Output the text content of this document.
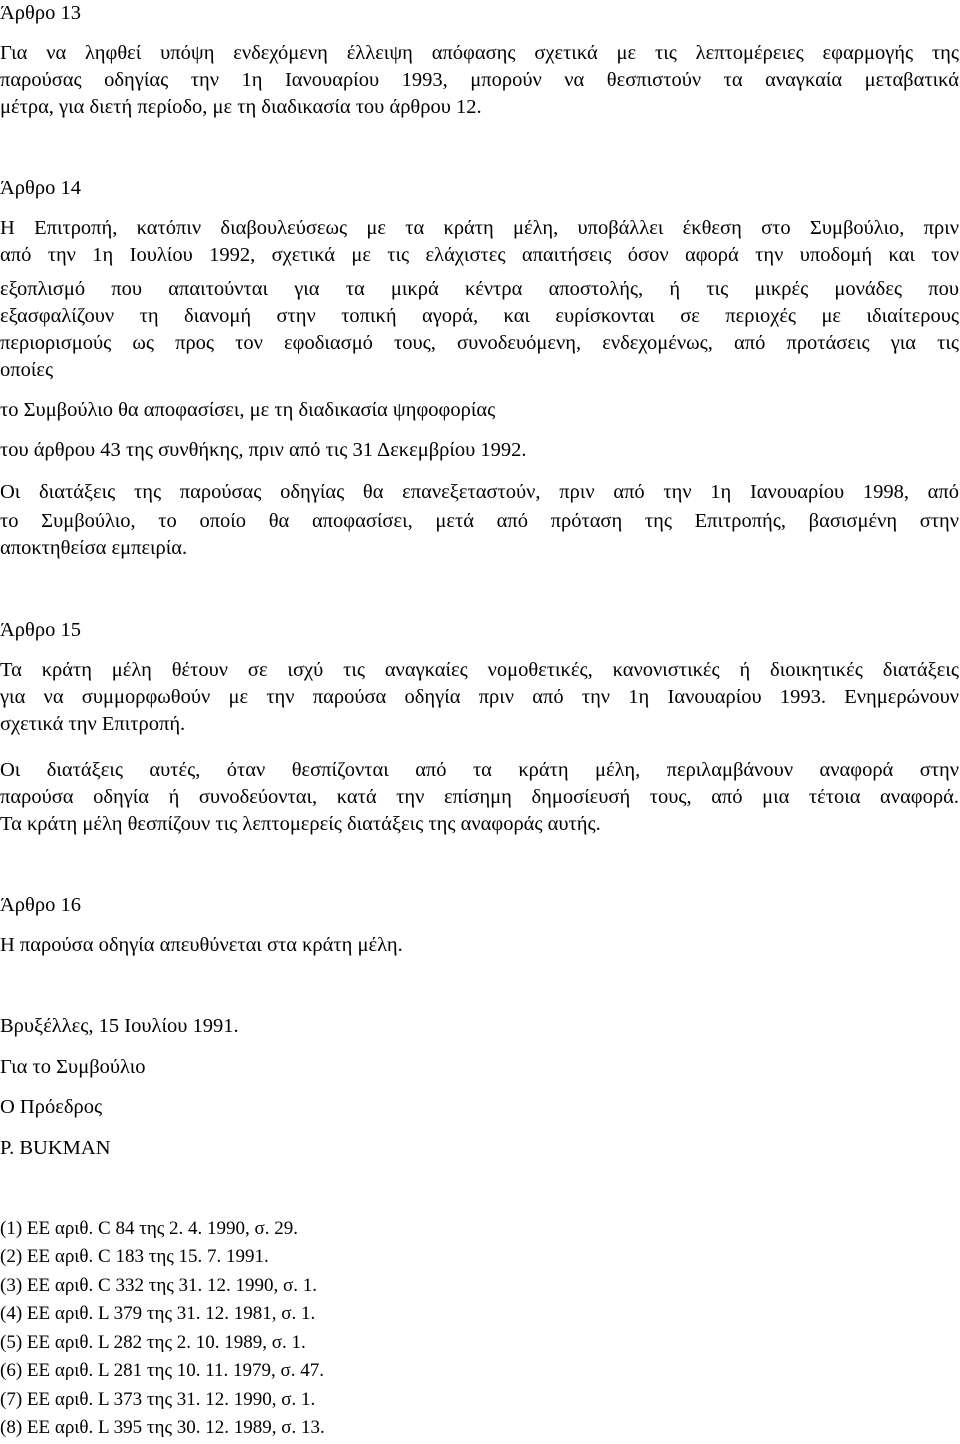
Άρθρο 13
Για να ληφθεί υπόψη ενδεχόμενη έλλειψη απόφασης σχετικά με τις λεπτομέρειες εφαρμογής της
παρούσας οδηγίας την 1η Ιανουαρίου 1993, μπορούν να θεσπιστούν τα αναγκαία μεταβατικά
μέτρα, για διετή περίοδο, με τη διαδικασία του άρθρου 12.
Άρθρο 14
Η Επιτροπή, κατόπιν διαβουλεύσεως με τα κράτη μέλη, υποβάλλει έκθεση στο Συμβούλιο, πριν
από την 1η Ιουλίου 1992, σχετικά με τις ελάχιστες απαιτήσεις όσον αφορά την υποδομή και τον
εξοπλισμό που απαιτούνται για τα μικρά κέντρα αποστολής, ή τις μικρές μονάδες που
εξασφαλίζουν τη διανομή στην τοπική αγορά, και ευρίσκονται σε περιοχές με ιδιαίτερους
περιορισμούς ως προς τον εφοδιασμό τους, συνοδευόμενη, ενδεχομένως, από προτάσεις για τις
οποίες
το Συμβούλιο θα αποφασίσει, με τη διαδικασία ψηφοφορίας
του άρθρου 43 της συνθήκης, πριν από τις 31 Δεκεμβρίου 1992.
Οι διατάξεις της παρούσας οδηγίας θα επανεξεταστούν, πριν από την 1η Ιανουαρίου 1998, από
το Συμβούλιο, το οποίο θα αποφασίσει, μετά από πρόταση της Επιτροπής, βασισμένη στην
αποκτηθείσα εμπειρία.
Άρθρο 15
Τα κράτη μέλη θέτουν σε ισχύ τις αναγκαίες νομοθετικές, κανονιστικές ή διοικητικές διατάξεις
για να συμμορφωθούν με την παρούσα οδηγία πριν από την 1η Ιανουαρίου 1993. Ενημερώνουν
σχετικά την Επιτροπή.
Οι διατάξεις αυτές, όταν θεσπίζονται από τα κράτη μέλη, περιλαμβάνουν αναφορά στην
παρούσα οδηγία ή συνοδεύονται, κατά την επίσημη δημοσίευσή τους, από μια τέτοια αναφορά.
Τα κράτη μέλη θεσπίζουν τις λεπτομερείς διατάξεις της αναφοράς αυτής.
Άρθρο 16
Η παρούσα οδηγία απευθύνεται στα κράτη μέλη.
Βρυξέλλες, 15 Ιουλίου 1991.
Για το Συμβούλιο
Ο Πρόεδρος
P. BUKMAN
(1) ΕΕ αριθ. C 84 της 2. 4. 1990, σ. 29.
(2) ΕΕ αριθ. C 183 της 15. 7. 1991.
(3) ΕΕ αριθ. C 332 της 31. 12. 1990, σ. 1.
(4) ΕΕ αριθ. L 379 της 31. 12. 1981, σ. 1.
(5) ΕΕ αριθ. L 282 της 2. 10. 1989, σ. 1.
(6) ΕΕ αριθ. L 281 της 10. 11. 1979, σ. 47.
(7) ΕΕ αριθ. L 373 της 31. 12. 1990, σ. 1.
(8) ΕΕ αριθ. L 395 της 30. 12. 1989, σ. 13.
